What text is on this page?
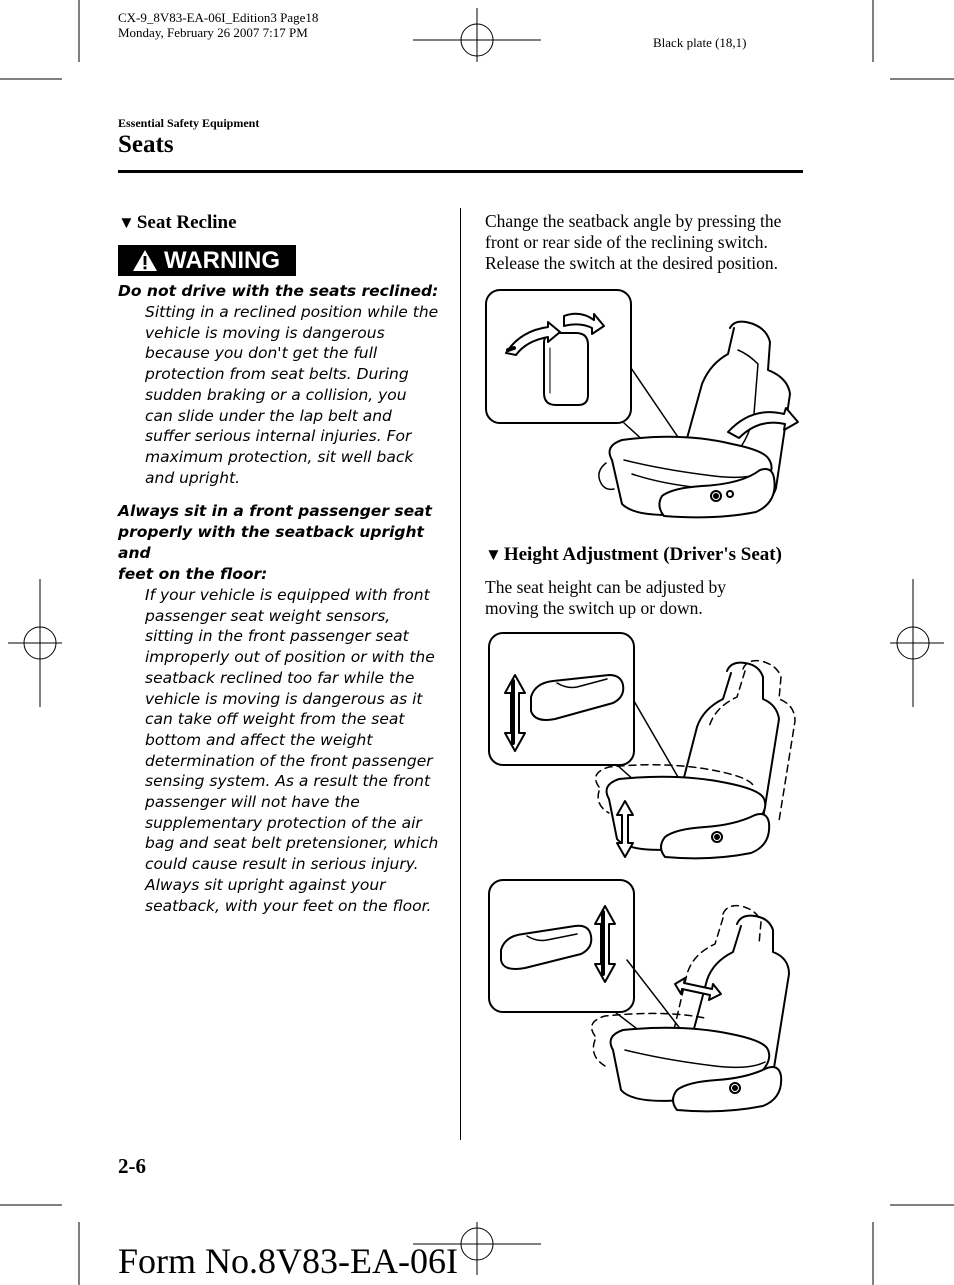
CX-9_8V83-EA-06I_Edition3 Page18
Monday, February 26 2007 7:17 PM
Black plate (18,1)
Essential Safety Equipment
Seats
▼ Seat Recline
WARNING
Do not drive with the seats reclined:
Sitting in a reclined position while the
vehicle is moving is dangerous
because you don't get the full
protection from seat belts. During
sudden braking or a collision, you
can slide under the lap belt and
suffer serious internal injuries. For
maximum protection, sit well back
and upright.
Always sit in a front passenger seat
properly with the seatback upright and
feet on the floor:
If your vehicle is equipped with front
passenger seat weight sensors,
sitting in the front passenger seat
improperly out of position or with the
seatback reclined too far while the
vehicle is moving is dangerous as it
can take off weight from the seat
bottom and affect the weight
determination of the front passenger
sensing system. As a result the front
passenger will not have the
supplementary protection of the air
bag and seat belt pretensioner, which
could cause result in serious injury.
Always sit upright against your
seatback, with your feet on the floor.
Change the seatback angle by pressing the
front or rear side of the reclining switch.
Release the switch at the desired position.
▼ Height Adjustment (Driver's Seat)
The seat height can be adjusted by
moving the switch up or down.
2-6
Form No.8V83-EA-06I
